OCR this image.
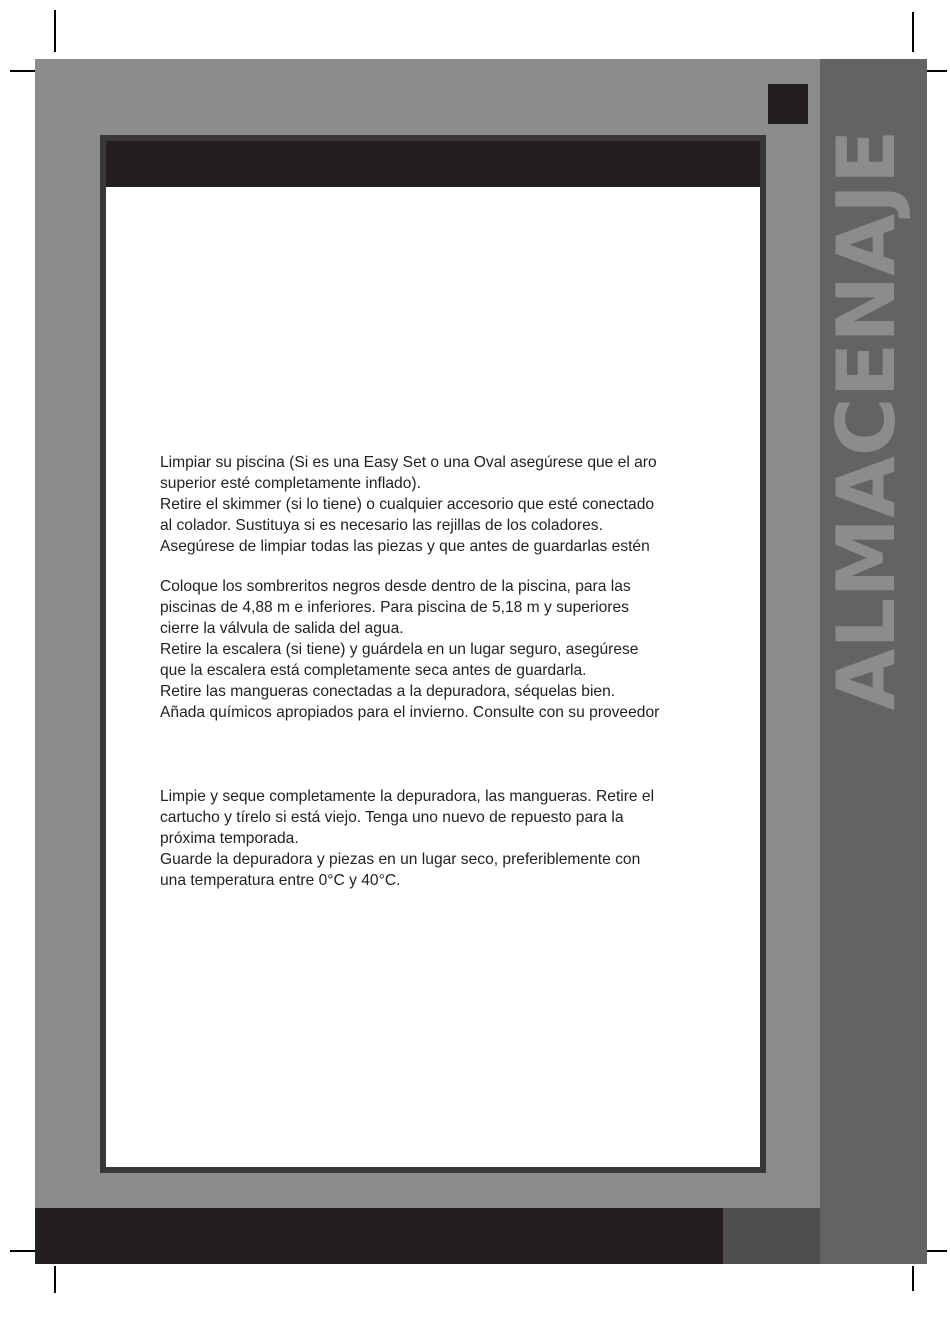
ALMACENAJE
Limpiar su piscina (Si es una Easy Set o una Oval asegúrese que el aro
superior esté completamente inflado).
Retire el skimmer (si lo tiene) o cualquier accesorio que esté conectado
al colador. Sustituya si es necesario las rejillas de los coladores.
Asegúrese de limpiar todas las piezas y que antes de guardarlas estén
Coloque los sombreritos negros desde dentro de la piscina, para las
piscinas de 4,88 m e inferiores. Para piscina de 5,18 m y superiores
cierre la válvula de salida del agua.
Retire la escalera (si tiene) y guárdela en un lugar seguro, asegúrese
que la escalera está completamente seca antes de guardarla.
Retire las mangueras conectadas a la depuradora, séquelas bien.
Añada químicos apropiados para el invierno. Consulte con su proveedor
Limpie y seque completamente la depuradora, las mangueras. Retire el
cartucho y tírelo si está viejo. Tenga uno nuevo de repuesto para la
próxima temporada.
Guarde la depuradora y piezas en un lugar seco, preferiblemente con
una temperatura entre 0°C y 40°C.
